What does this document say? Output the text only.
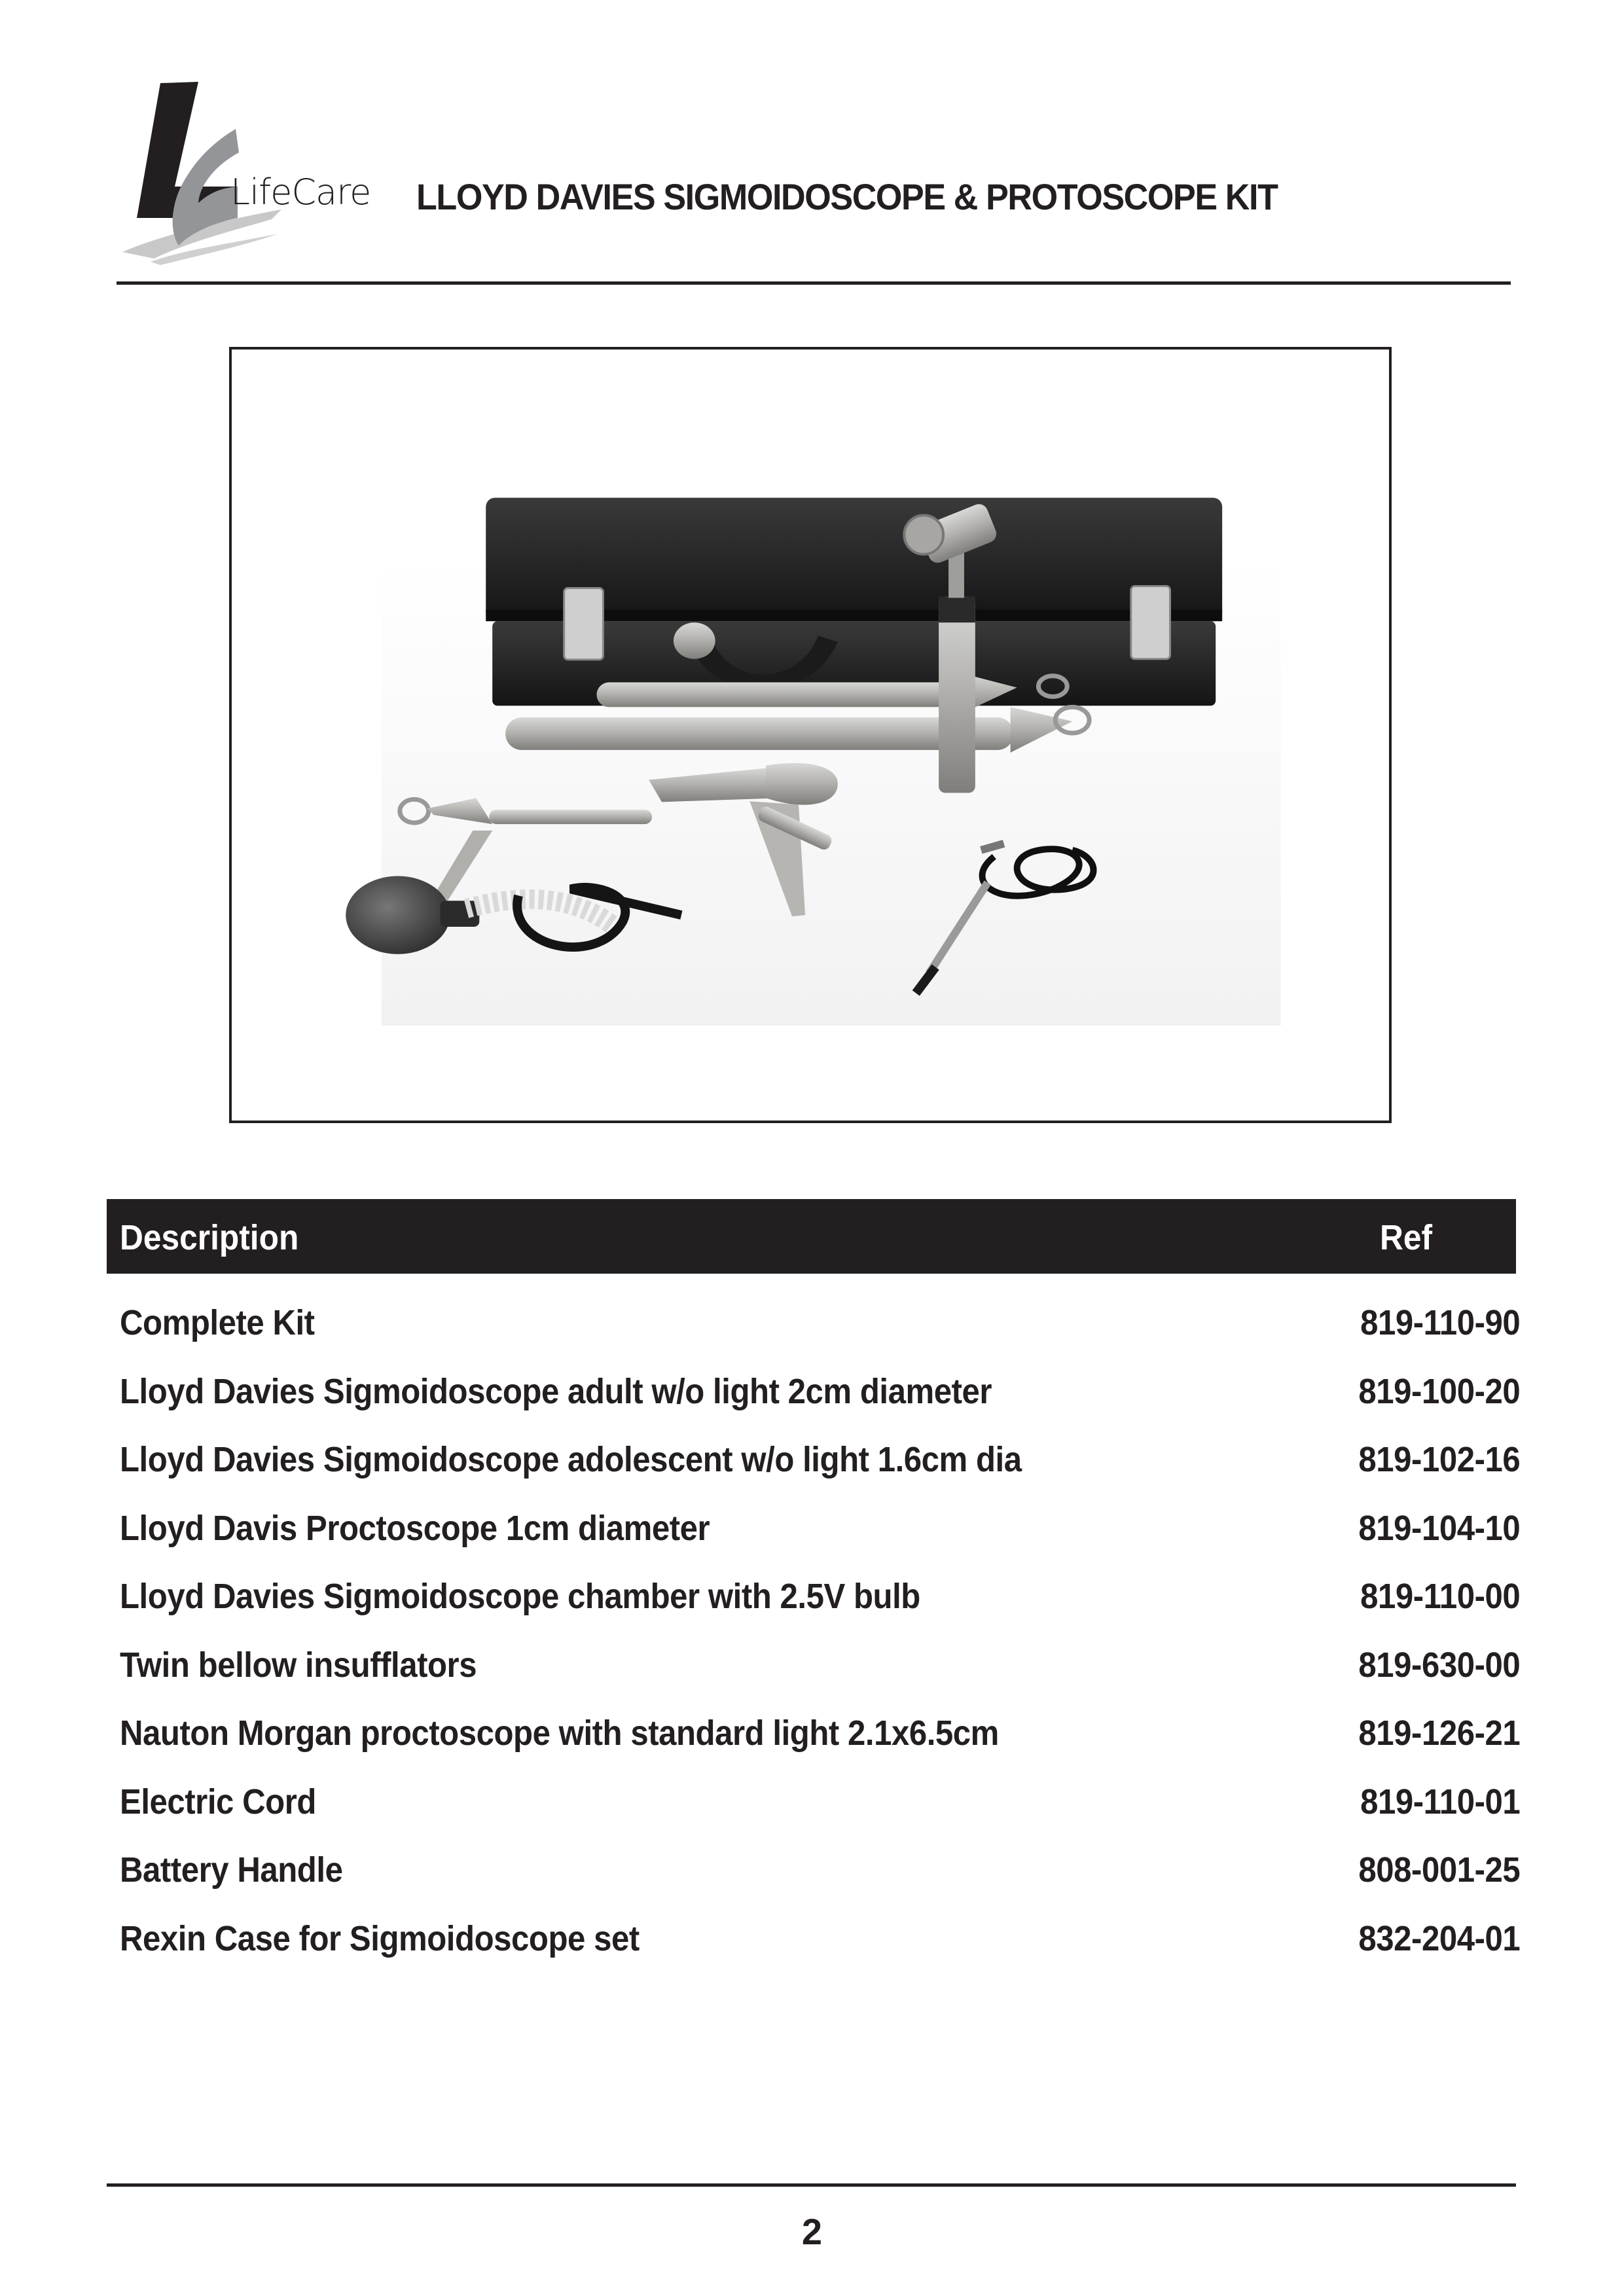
LifeCare LLOYD DAVIES SIGMOIDOSCOPE & PROTOSCOPE KIT
Description	Ref
Complete Kit	819-110-90
Lloyd Davies Sigmoidoscope adult w/o light 2cm diameter	819-100-20
Lloyd Davies Sigmoidoscope adolescent w/o light 1.6cm dia	819-102-16
Lloyd Davis Proctoscope 1cm diameter	819-104-10
Lloyd Davies Sigmoidoscope chamber with 2.5V bulb	819-110-00
Twin bellow insufflators	819-630-00
Nauton Morgan proctoscope with standard light 2.1x6.5cm	819-126-21
Electric Cord	819-110-01
Battery Handle	808-001-25
Rexin Case for Sigmoidoscope set	832-204-01
2
